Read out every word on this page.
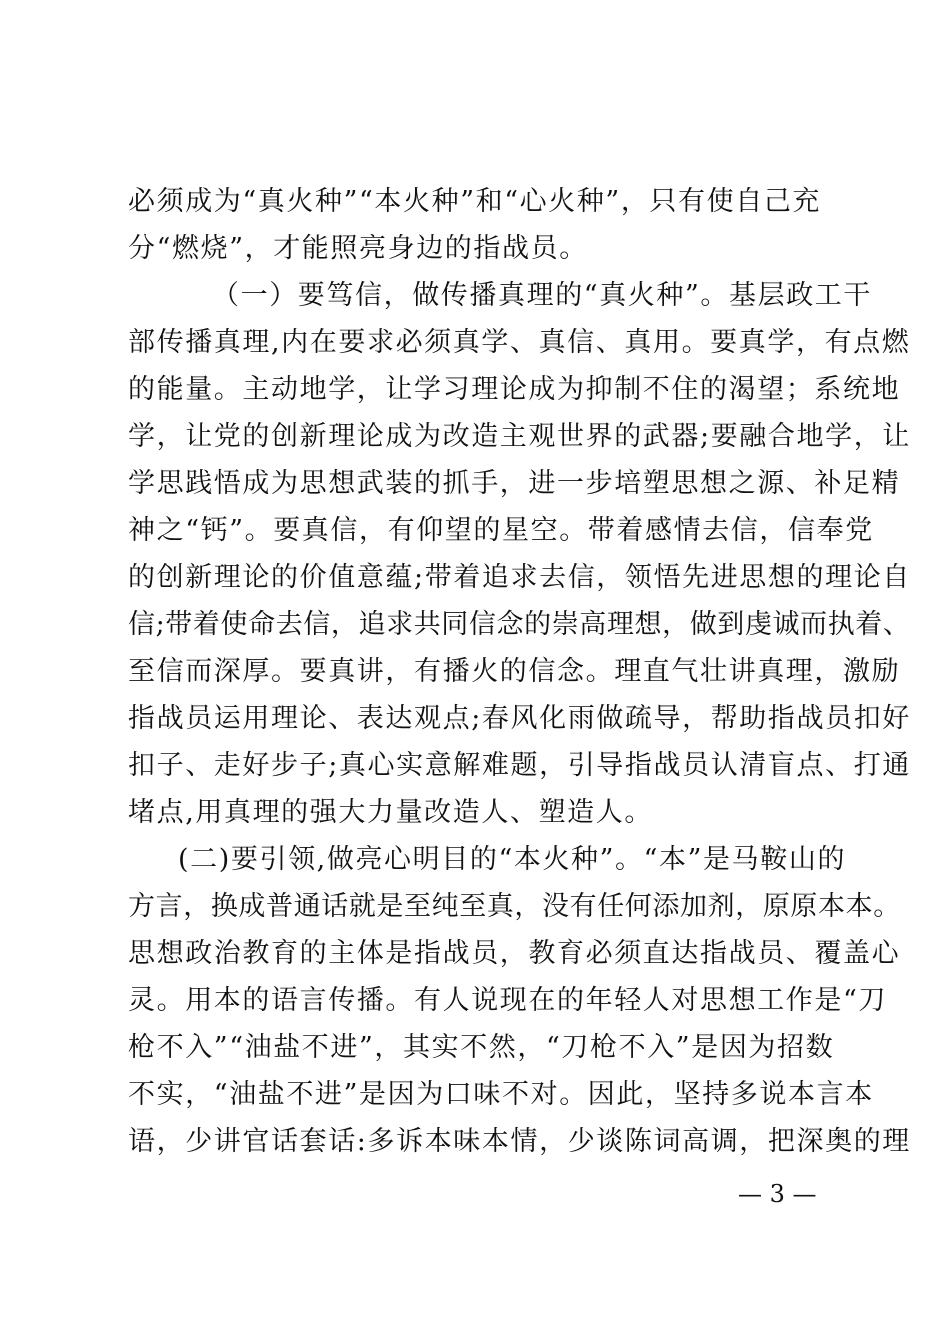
必须成为“真火种”“本火种”和“心火种”，只有使自己充
分“燃烧”，才能照亮身边的指战员。
（一）要笃信，做传播真理的“真火种”。基层政工干
部传播真理,内在要求必须真学、真信、真用。要真学，有点燃
的能量。主动地学，让学习理论成为抑制不住的渴望；系统地
学，让党的创新理论成为改造主观世界的武器;要融合地学，让
学思践悟成为思想武装的抓手，进一步培塑思想之源、补足精
神之“钙”。要真信，有仰望的星空。带着感情去信，信奉党
的创新理论的价值意蕴;带着追求去信，领悟先进思想的理论自
信;带着使命去信，追求共同信念的崇高理想，做到虔诚而执着、
至信而深厚。要真讲，有播火的信念。理直气壮讲真理，激励
指战员运用理论、表达观点;春风化雨做疏导，帮助指战员扣好
扣子、走好步子;真心实意解难题，引导指战员认清盲点、打通
堵点,用真理的强大力量改造人、塑造人。
(二)要引领,做亮心明目的“本火种”。“本”是马鞍山的
方言，换成普通话就是至纯至真，没有任何添加剂，原原本本。
思想政治教育的主体是指战员，教育必须直达指战员、覆盖心
灵。用本的语言传播。有人说现在的年轻人对思想工作是“刀
枪不入”“油盐不进”，其实不然，“刀枪不入”是因为招数
不实，“油盐不进”是因为口味不对。因此，坚持多说本言本
语，少讲官话套话:多诉本味本情，少谈陈词高调，把深奥的理
— 3 —
